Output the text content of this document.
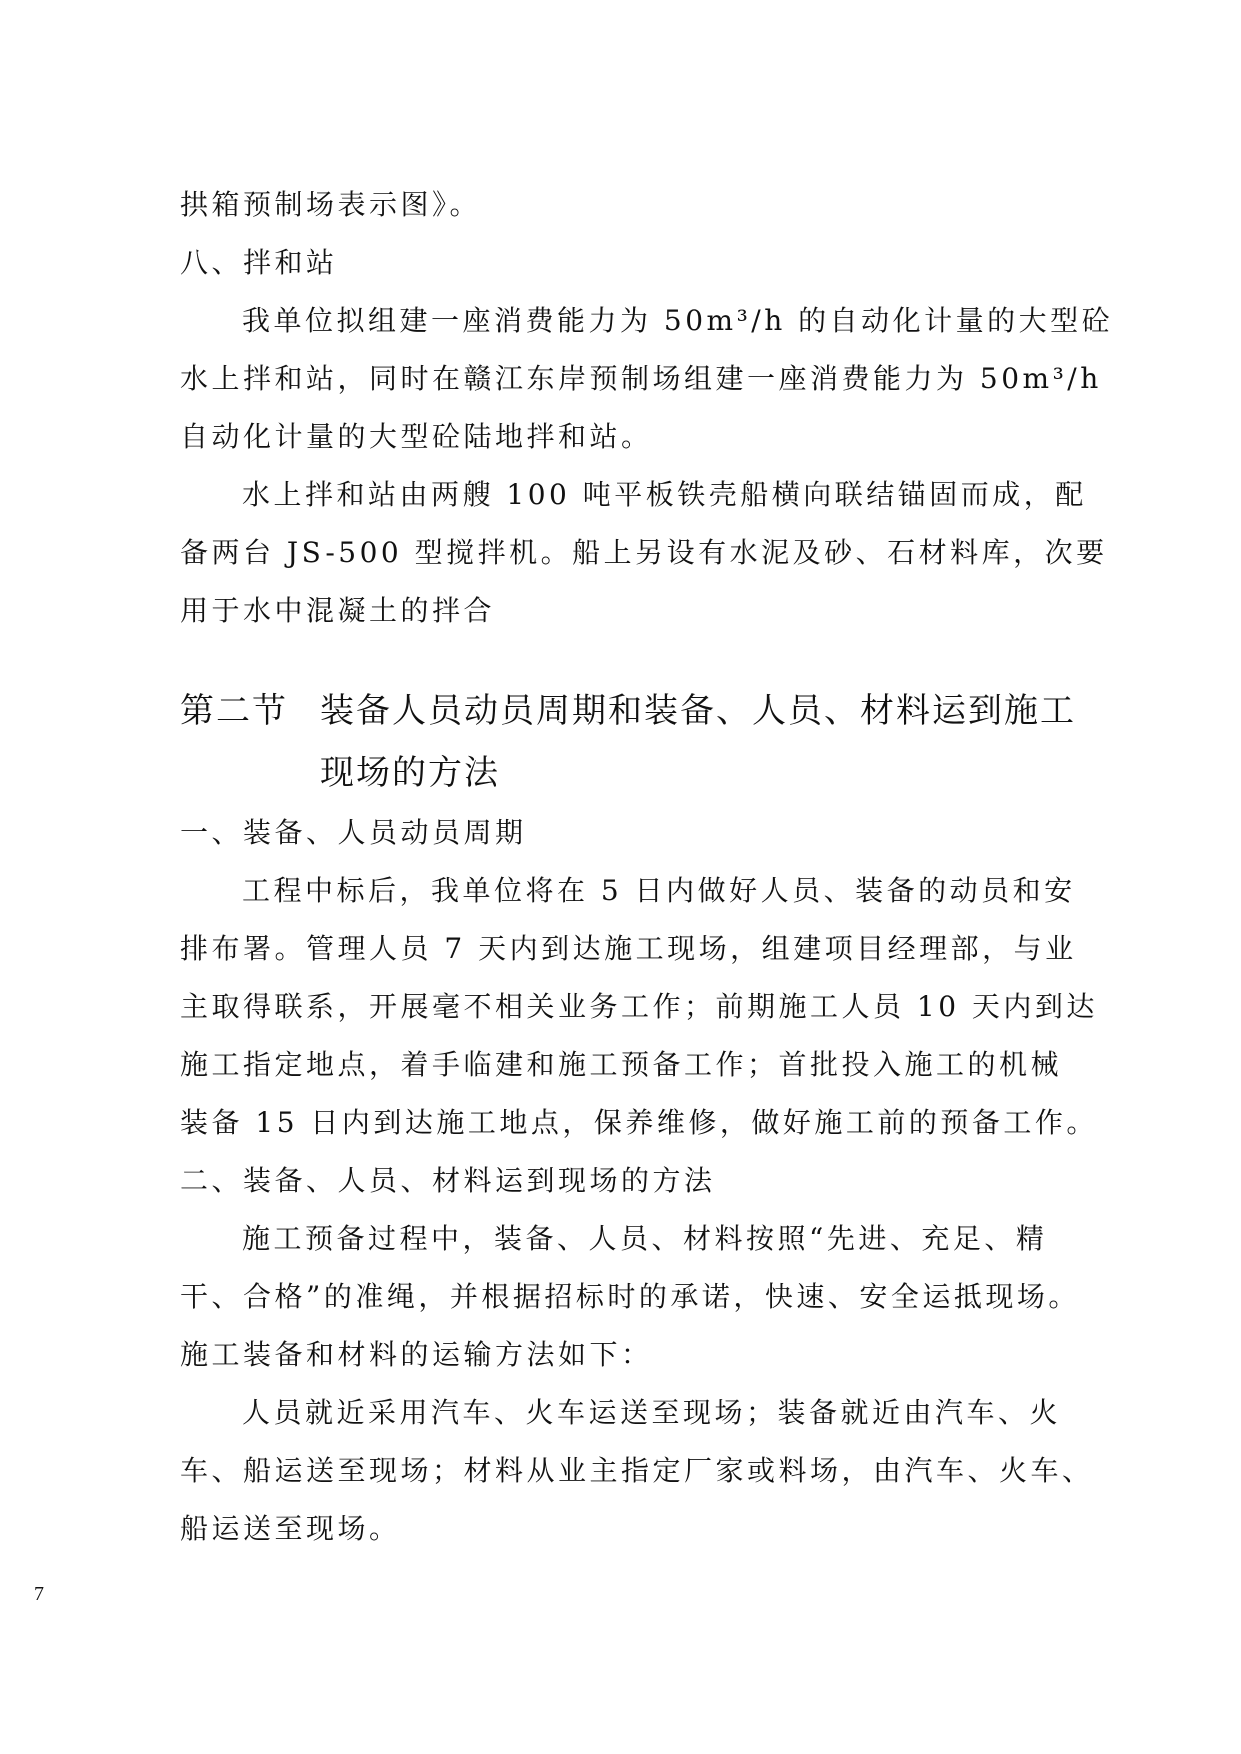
拱箱预制场表示图》。
八、拌和站
我单位拟组建一座消费能力为 50m³/h 的自动化计量的大型砼
水上拌和站，同时在赣江东岸预制场组建一座消费能力为 50m³/h
自动化计量的大型砼陆地拌和站。
水上拌和站由两艘 100 吨平板铁壳船横向联结锚固而成，配
备两台 JS-500 型搅拌机。船上另设有水泥及砂、石材料库，次要
用于水中混凝土的拌合
第二节 装备人员动员周期和装备、人员、材料运到施工
现场的方法
一、装备、人员动员周期
工程中标后，我单位将在 5 日内做好人员、装备的动员和安
排布署。管理人员 7 天内到达施工现场，组建项目经理部，与业
主取得联系，开展毫不相关业务工作；前期施工人员 10 天内到达
施工指定地点，着手临建和施工预备工作；首批投入施工的机械
装备 15 日内到达施工地点，保养维修，做好施工前的预备工作。
二、装备、人员、材料运到现场的方法
施工预备过程中，装备、人员、材料按照“先进、充足、精
干、合格”的准绳，并根据招标时的承诺，快速、安全运抵现场。
施工装备和材料的运输方法如下：
人员就近采用汽车、火车运送至现场；装备就近由汽车、火
车、船运送至现场；材料从业主指定厂家或料场，由汽车、火车、
船运送至现场。
7
